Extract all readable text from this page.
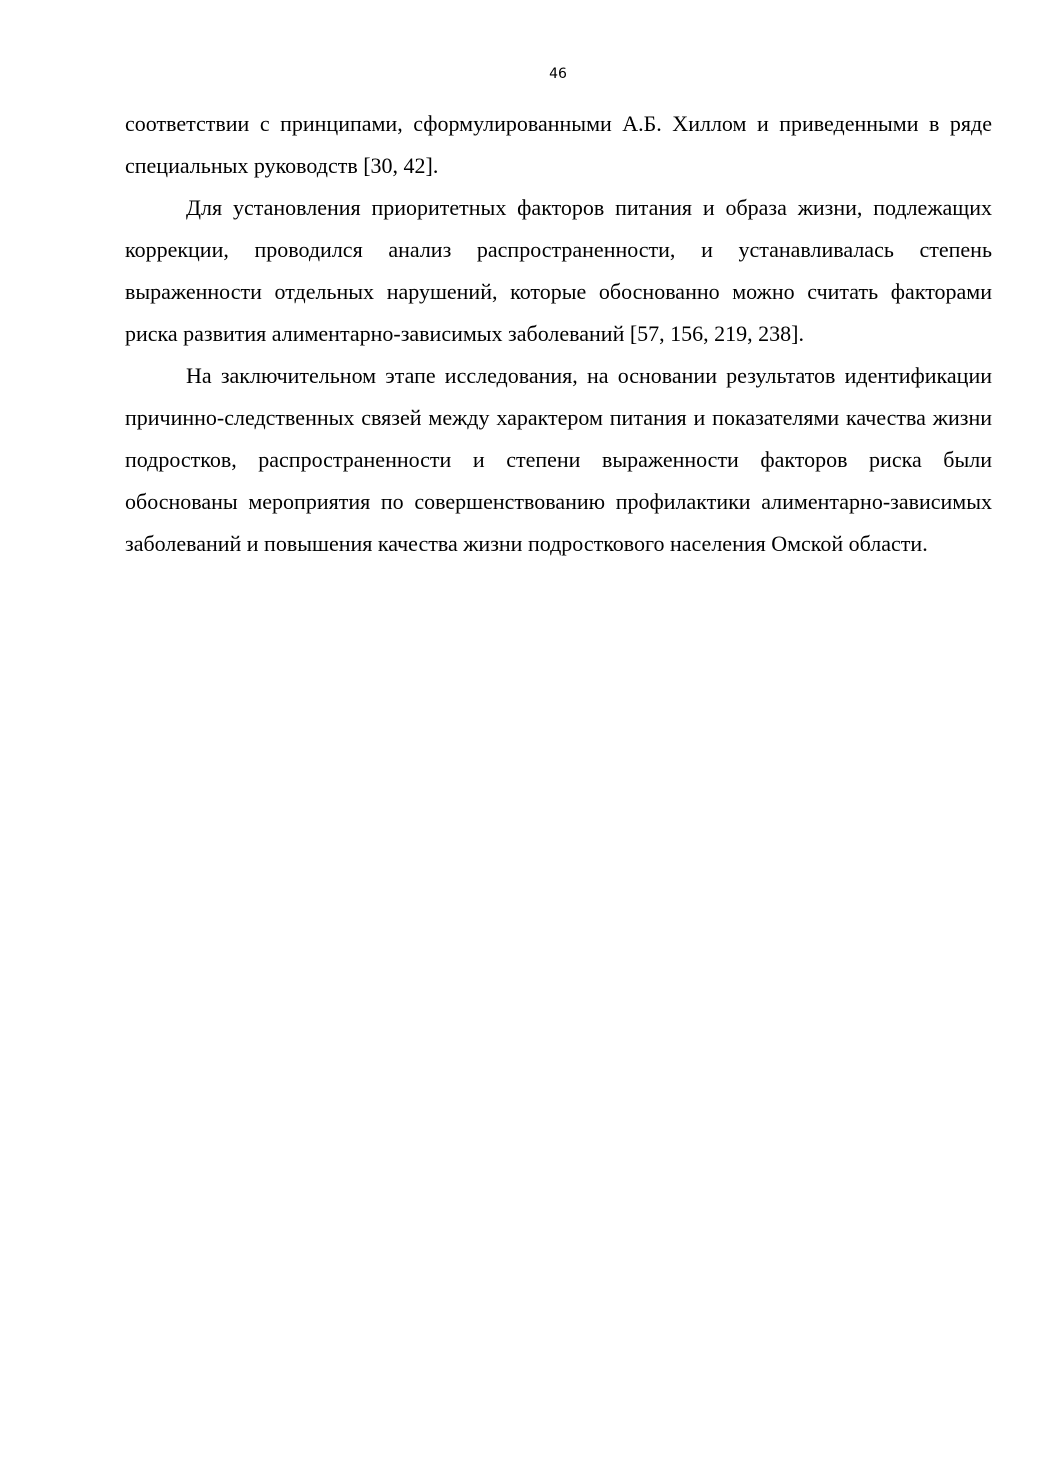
46

соответствии с принципами, сформулированными А.Б. Хиллом и приведенными в ряде специальных руководств [30, 42].

Для установления приоритетных факторов питания и образа жизни, подлежащих коррекции, проводился анализ распространенности, и устанавливалась степень выраженности отдельных нарушений, которые обоснованно можно считать факторами риска развития алиментарно-зависимых заболеваний [57, 156, 219, 238].

На заключительном этапе исследования, на основании результатов идентификации причинно-следственных связей между характером питания и показателями качества жизни подростков, распространенности и степени выраженности факторов риска были обоснованы мероприятия по совершенствованию профилактики алиментарно-зависимых заболеваний и повышения качества жизни подросткового населения Омской области.
